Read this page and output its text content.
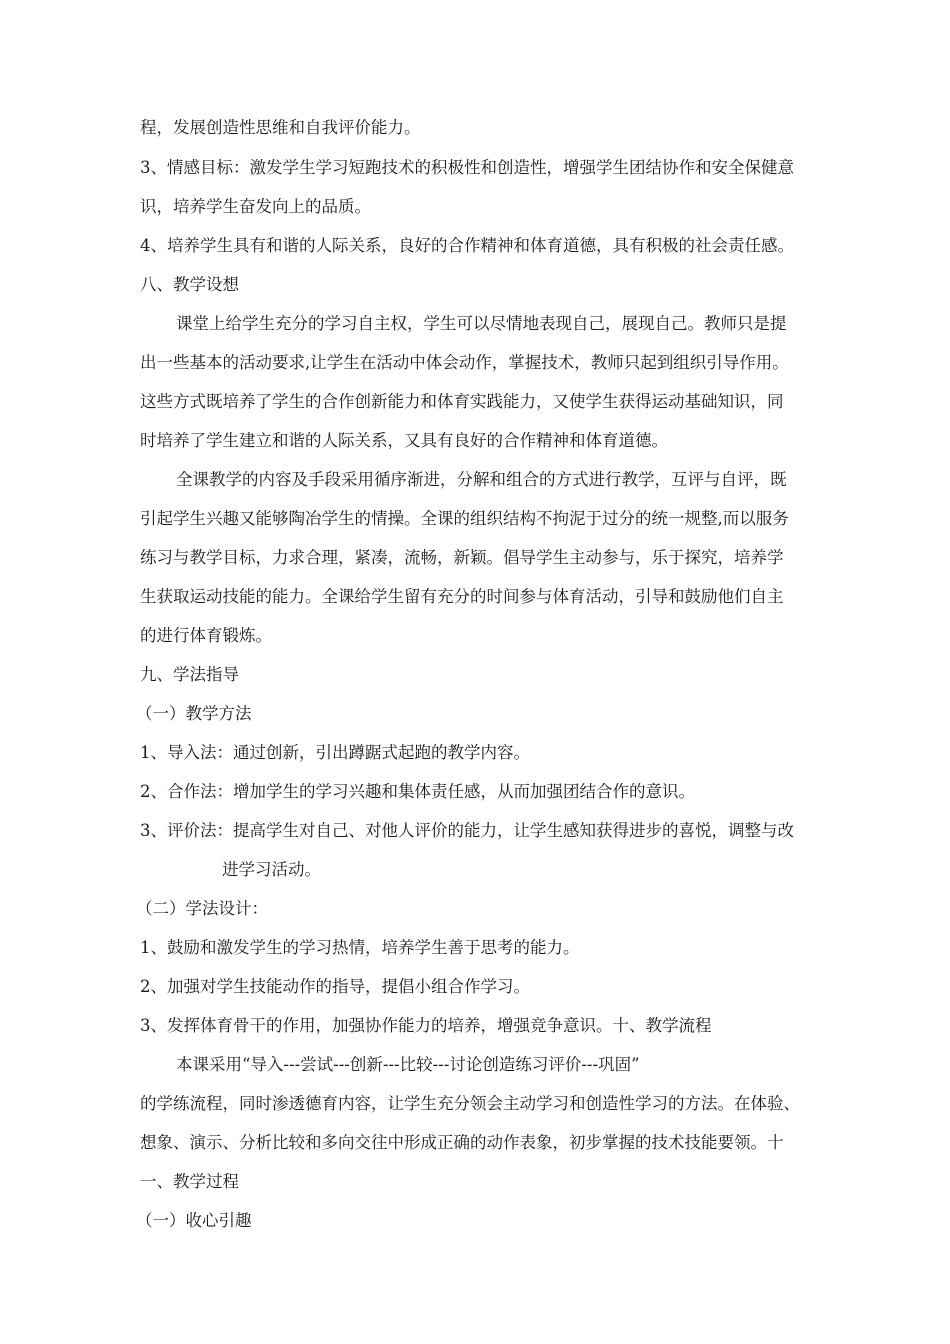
程，发展创造性思维和自我评价能力。
3、情感目标：激发学生学习短跑技术的积极性和创造性，增强学生团结协作和安全保健意
识，培养学生奋发向上的品质。
4、培养学生具有和谐的人际关系，良好的合作精神和体育道德，具有积极的社会责任感。
八、教学设想
课堂上给学生充分的学习自主权，学生可以尽情地表现自己，展现自己。教师只是提
出一些基本的活动要求,让学生在活动中体会动作，掌握技术，教师只起到组织引导作用。
这些方式既培养了学生的合作创新能力和体育实践能力，又使学生获得运动基础知识，同
时培养了学生建立和谐的人际关系，又具有良好的合作精神和体育道德。
全课教学的内容及手段采用循序渐进，分解和组合的方式进行教学，互评与自评，既
引起学生兴趣又能够陶冶学生的情操。全课的组织结构不拘泥于过分的统一规整,而以服务
练习与教学目标，力求合理，紧凑，流畅，新颖。倡导学生主动参与，乐于探究，培养学
生获取运动技能的能力。全课给学生留有充分的时间参与体育活动，引导和鼓励他们自主
的进行体育锻炼。
九、学法指导
（一）教学方法
1、导入法：通过创新，引出蹲踞式起跑的教学内容。
2、合作法：增加学生的学习兴趣和集体责任感，从而加强团结合作的意识。
3、评价法：提高学生对自己、对他人评价的能力，让学生感知获得进步的喜悦，调整与改
进学习活动。
（二）学法设计：
1、鼓励和激发学生的学习热情，培养学生善于思考的能力。
2、加强对学生技能动作的指导，提倡小组合作学习。
3、发挥体育骨干的作用，加强协作能力的培养，增强竞争意识。十、教学流程
本课采用“导入---尝试---创新---比较---讨论创造练习评价---巩固”
的学练流程，同时渗透德育内容，让学生充分领会主动学习和创造性学习的方法。在体验、
想象、演示、分析比较和多向交往中形成正确的动作表象，初步掌握的技术技能要领。十
一、教学过程
（一）收心引趣
